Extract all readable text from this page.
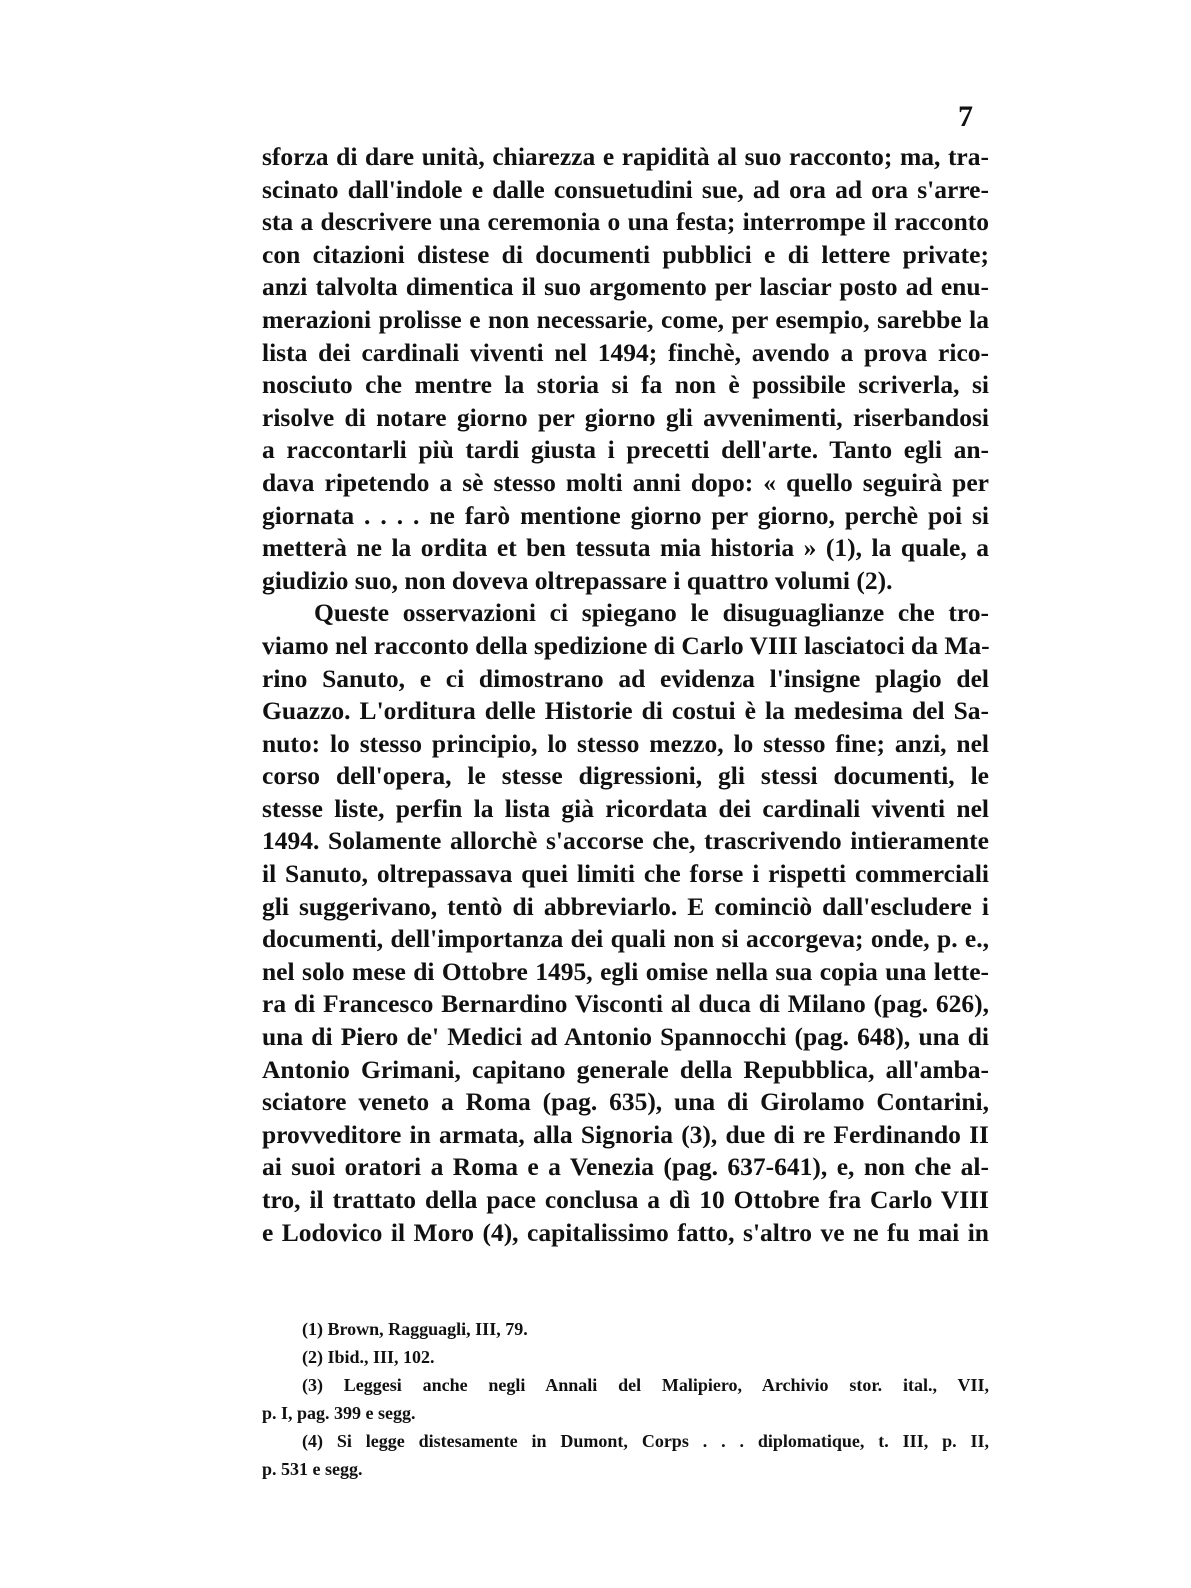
7
sforza di dare unità, chiarezza e rapidità al suo racconto; ma, tra-
scinato dall'indole e dalle consuetudini sue, ad ora ad ora s'arre-
sta a descrivere una ceremonia o una festa; interrompe il racconto
con citazioni distese di documenti pubblici e di lettere private;
anzi talvolta dimentica il suo argomento per lasciar posto ad enu-
merazioni prolisse e non necessarie, come, per esempio, sarebbe la
lista dei cardinali viventi nel 1494; finchè, avendo a prova rico-
nosciuto che mentre la storia si fa non è possibile scriverla, si
risolve di notare giorno per giorno gli avvenimenti, riserbandosi
a raccontarli più tardi giusta i precetti dell'arte. Tanto egli an-
dava ripetendo a sè stesso molti anni dopo: « quello seguirà per
giornata . . . . ne farò mentione giorno per giorno, perchè poi si
metterà ne la ordita et ben tessuta mia historia » (1), la quale, a
giudizio suo, non doveva oltrepassare i quattro volumi (2).
Queste osservazioni ci spiegano le disuguaglianze che tro-
viamo nel racconto della spedizione di Carlo VIII lasciatoci da Ma-
rino Sanuto, e ci dimostrano ad evidenza l'insigne plagio del
Guazzo. L'orditura delle Historie di costui è la medesima del Sa-
nuto: lo stesso principio, lo stesso mezzo, lo stesso fine; anzi, nel
corso dell'opera, le stesse digressioni, gli stessi documenti, le
stesse liste, perfin la lista già ricordata dei cardinali viventi nel
1494. Solamente allorchè s'accorse che, trascrivendo intieramente
il Sanuto, oltrepassava quei limiti che forse i rispetti commerciali
gli suggerivano, tentò di abbreviarlo. E cominciò dall'escludere i
documenti, dell'importanza dei quali non si accorgeva; onde, p. e.,
nel solo mese di Ottobre 1495, egli omise nella sua copia una lette-
ra di Francesco Bernardino Visconti al duca di Milano (pag. 626),
una di Piero de' Medici ad Antonio Spannocchi (pag. 648), una di
Antonio Grimani, capitano generale della Repubblica, all'amba-
sciatore veneto a Roma (pag. 635), una di Girolamo Contarini,
provveditore in armata, alla Signoria (3), due di re Ferdinando II
ai suoi oratori a Roma e a Venezia (pag. 637-641), e, non che al-
tro, il trattato della pace conclusa a dì 10 Ottobre fra Carlo VIII
e Lodovico il Moro (4), capitalissimo fatto, s'altro ve ne fu mai in
(1) Brown, Ragguagli, III, 79.
(2) Ibid., III, 102.
(3) Leggesi anche negli Annali del Malipiero, Archivio stor. ital., VII,
p. I, pag. 399 e segg.
(4) Si legge distesamente in Dumont, Corps . . . diplomatique, t. III, p. II,
p. 531 e segg.
